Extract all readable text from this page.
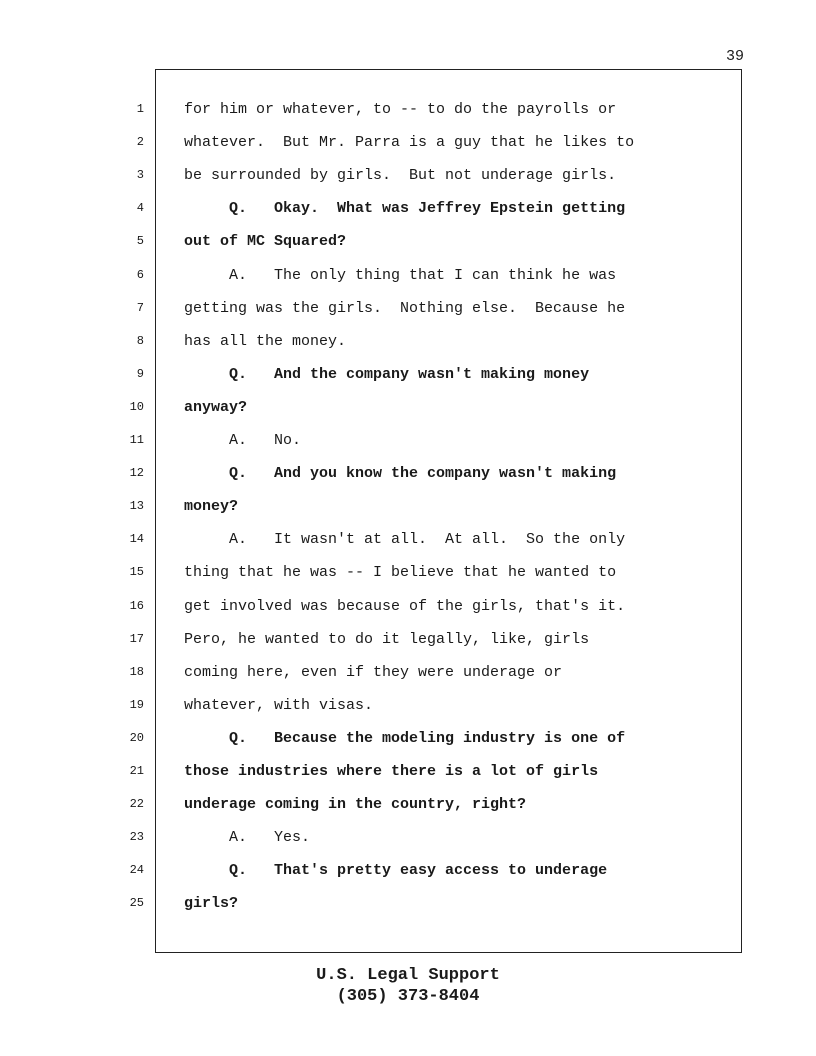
39
1	for him or whatever, to -- to do the payrolls or
2	whatever.  But Mr. Parra is a guy that he likes to
3	be surrounded by girls.  But not underage girls.
4	Q.   Okay.  What was Jeffrey Epstein getting
5	out of MC Squared?
6	A.   The only thing that I can think he was
7	getting was the girls.  Nothing else.  Because he
8	has all the money.
9	Q.   And the company wasn't making money
10	anyway?
11	A.   No.
12	Q.   And you know the company wasn't making
13	money?
14	A.   It wasn't at all.  At all.  So the only
15	thing that he was -- I believe that he wanted to
16	get involved was because of the girls, that's it.
17	Pero, he wanted to do it legally, like, girls
18	coming here, even if they were underage or
19	whatever, with visas.
20	Q.   Because the modeling industry is one of
21	those industries where there is a lot of girls
22	underage coming in the country, right?
23	A.   Yes.
24	Q.   That's pretty easy access to underage
25	girls?
U.S. Legal Support
(305) 373-8404
